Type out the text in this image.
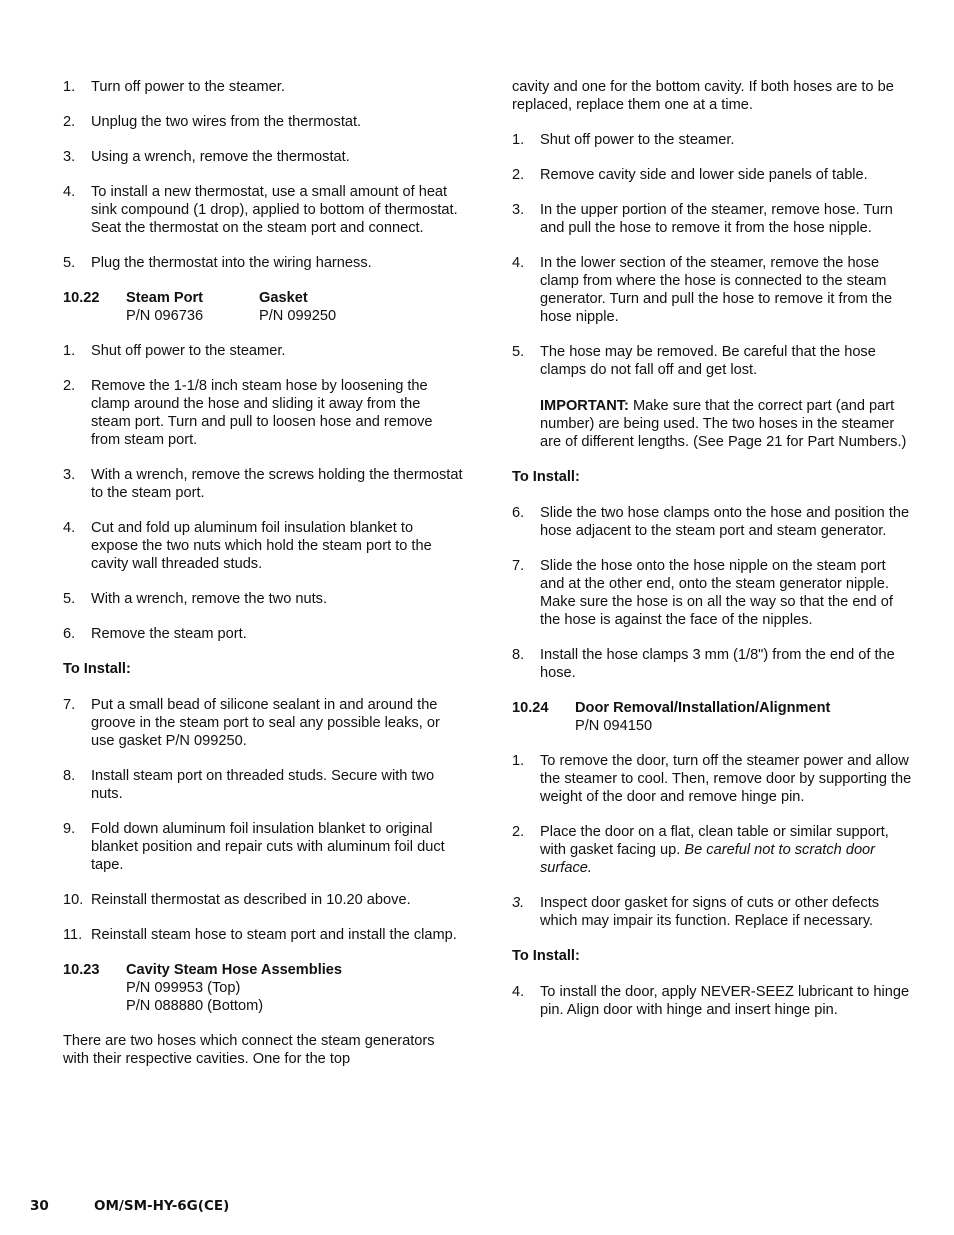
1. Turn off power to the steamer.

2. Unplug the two wires from the thermostat.

3. Using a wrench, remove the thermostat.

4. To install a new thermostat, use a small amount of heat sink compound (1 drop), applied to bottom of thermostat. Seat the thermostat on the steam port and connect.

5. Plug the thermostat into the wiring harness.

10.22 Steam Port
P/N 096736
Gasket
P/N 099250
1. Shut off power to the steamer.

2. Remove the 1-1/8 inch steam hose by loosening the clamp around the hose and sliding it away from the steam port. Turn and pull to loosen hose and remove from steam port.

3. With a wrench, remove the screws holding the thermostat to the steam port.

4. Cut and fold up aluminum foil insulation blanket to expose the two nuts which hold the steam port to the cavity wall threaded studs.

5. With a wrench, remove the two nuts.

6. Remove the steam port.

To Install:
7. Put a small bead of silicone sealant in and around the groove in the steam port to seal any possible leaks, or use gasket P/N 099250.

8. Install steam port on threaded studs. Secure with two nuts.

9. Fold down aluminum foil insulation blanket to original blanket position and repair cuts with aluminum foil duct tape.

10. Reinstall thermostat as described in 10.20 above.

11. Reinstall steam hose to steam port and install the clamp.

10.23 Cavity Steam Hose Assemblies
P/N 099953 (Top)
P/N 088880 (Bottom)

There are two hoses which connect the steam generators with their respective cavities. One for the top

cavity and one for the bottom cavity. If both hoses are to be replaced, replace them one at a time.

1. Shut off power to the steamer.

2. Remove cavity side and lower side panels of table.

3. In the upper portion of the steamer, remove hose. Turn and pull the hose to remove it from the hose nipple.

4. In the lower section of the steamer, remove the hose clamp from where the hose is connected to the steam generator. Turn and pull the hose to remove it from the hose nipple.

5. The hose may be removed. Be careful that the hose clamps do not fall off and get lost.

IMPORTANT: Make sure that the correct part (and part number) are being used. The two hoses in the steamer are of different lengths. (See Page 21 for Part Numbers.)

To Install:
6. Slide the two hose clamps onto the hose and position the hose adjacent to the steam port and steam generator.

7. Slide the hose onto the hose nipple on the steam port and at the other end, onto the steam generator nipple. Make sure the hose is on all the way so that the end of the hose is against the face of the nipples.

8. Install the hose clamps 3 mm (1/8") from the end of the hose.

10.24 Door Removal/Installation/Alignment
P/N 094150
1. To remove the door, turn off the steamer power and allow the steamer to cool. Then, remove door by supporting the weight of the door and remove hinge pin.

2. Place the door on a flat, clean table or similar support, with gasket facing up. Be careful not to scratch door surface.

3. Inspect door gasket for signs of cuts or other defects which may impair its function. Replace if necessary.

To Install:
4. To install the door, apply NEVER-SEEZ lubricant to hinge pin. Align door with hinge and insert hinge pin.

30	OM/SM-HY-6G(CE)
